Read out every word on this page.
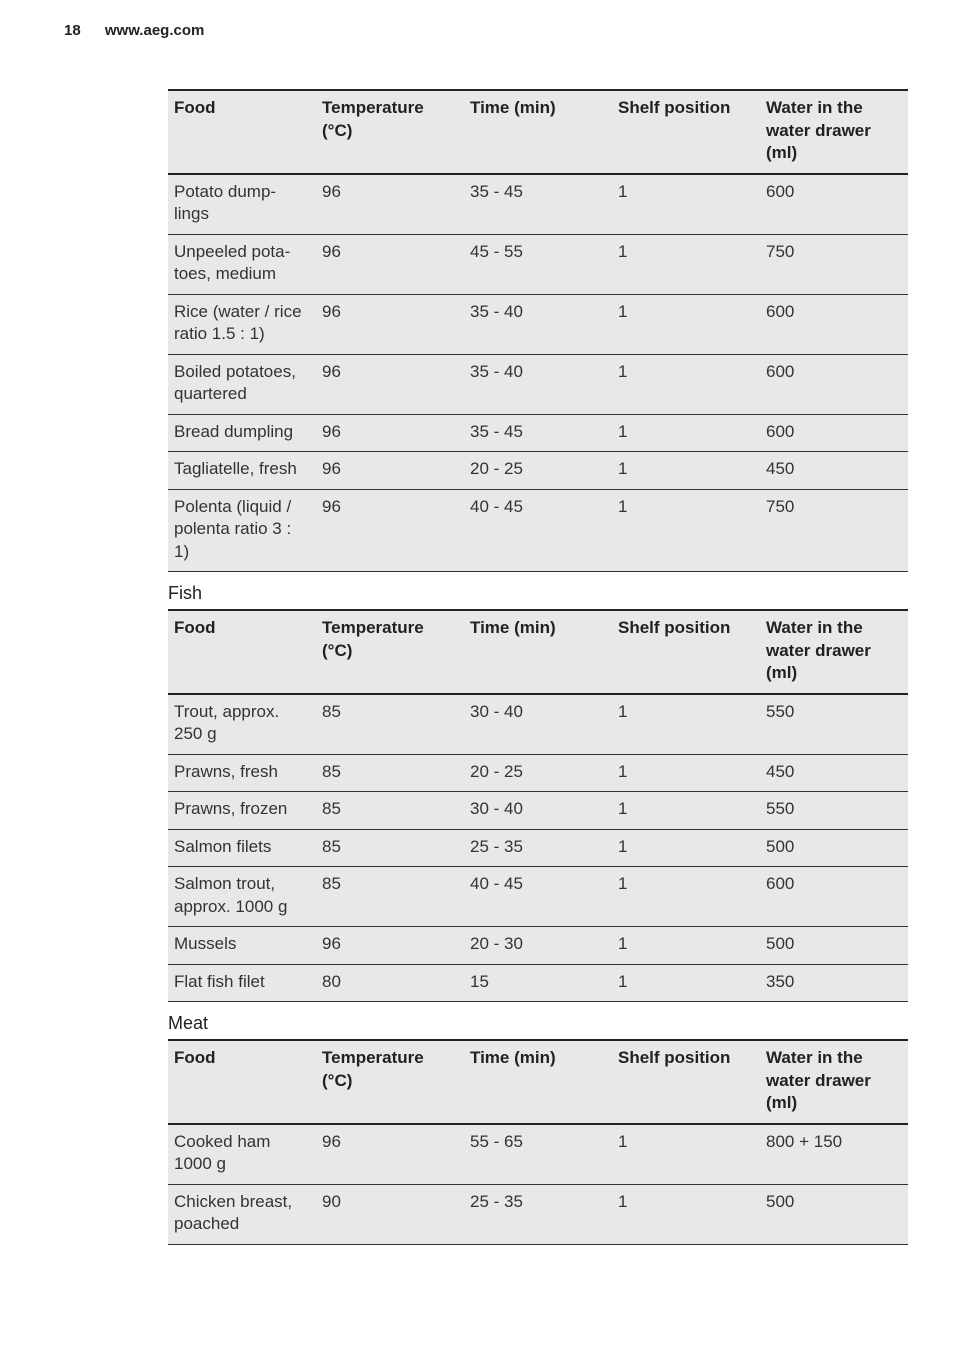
18 www.aeg.com
Food	Temperature (°C)	Time (min)	Shelf position	Water in the water drawer (ml)
Potato dump-lings	96	35 - 45	1	600
Unpeeled pota-toes, medium	96	45 - 55	1	750
Rice (water / rice ratio 1.5 : 1)	96	35 - 40	1	600
Boiled potatoes, quartered	96	35 - 40	1	600
Bread dumpling	96	35 - 45	1	600
Tagliatelle, fresh	96	20 - 25	1	450
Polenta (liquid / polenta ratio 3 : 1)	96	40 - 45	1	750
Fish
Food	Temperature (°C)	Time (min)	Shelf position	Water in the water drawer (ml)
Trout, approx. 250 g	85	30 - 40	1	550
Prawns, fresh	85	20 - 25	1	450
Prawns, frozen	85	30 - 40	1	550
Salmon filets	85	25 - 35	1	500
Salmon trout, approx. 1000 g	85	40 - 45	1	600
Mussels	96	20 - 30	1	500
Flat fish filet	80	15	1	350
Meat
Food	Temperature (°C)	Time (min)	Shelf position	Water in the water drawer (ml)
Cooked ham 1000 g	96	55 - 65	1	800 + 150
Chicken breast, poached	90	25 - 35	1	500
